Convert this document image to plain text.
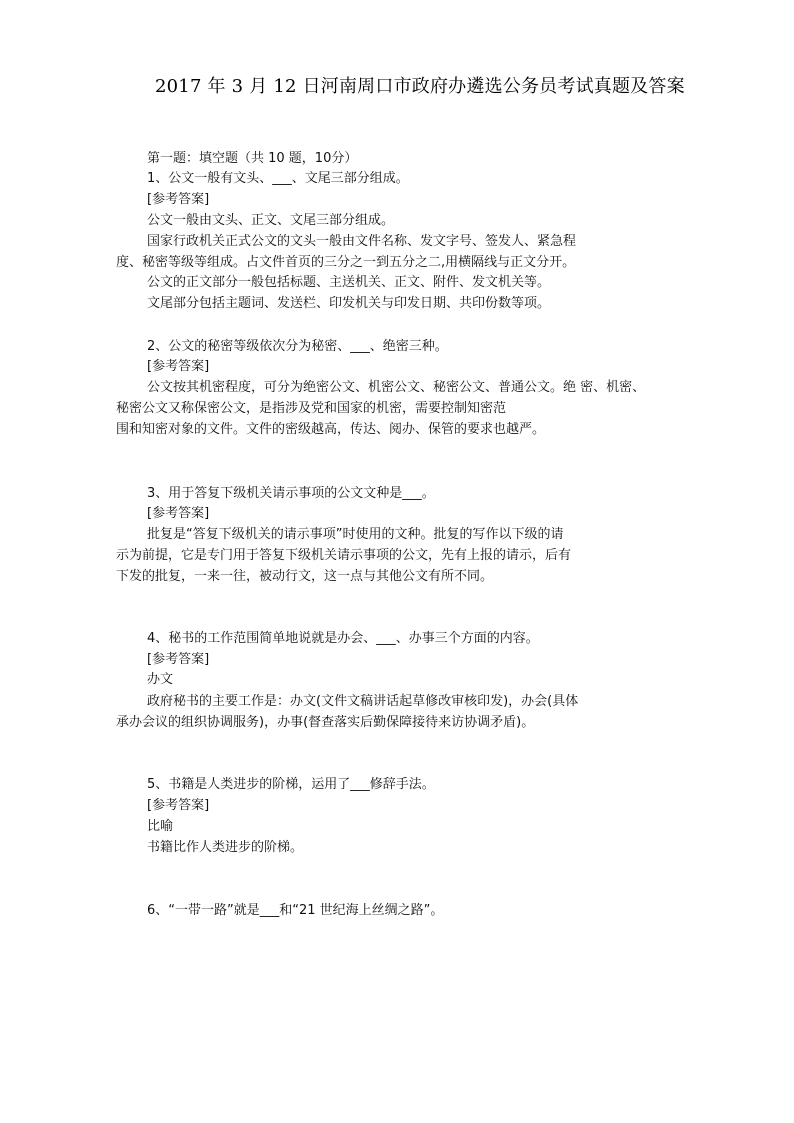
2017 年 3 月 12 日河南周口市政府办遴选公务员考试真题及答案
第一题：填空题（共 10 题，10分）
1、公文一般有文头、___、文尾三部分组成。
[参考答案]
公文一般由文头、正文、文尾三部分组成。
国家行政机关正式公文的文头一般由文件名称、发文字号、签发人、紧急程
度、秘密等级等组成。占文件首页的三分之一到五分之二,用横隔线与正文分开。
公文的正文部分一般包括标题、主送机关、正文、附件、发文机关等。
文尾部分包括主题词、发送栏、印发机关与印发日期、共印份数等项。
2、公文的秘密等级依次分为秘密、___、绝密三种。
[参考答案]
公文按其机密程度，可分为绝密公文、机密公文、秘密公文、普通公文。绝 密、机密、
秘密公文又称保密公文，是指涉及党和国家的机密，需要控制知密范
围和知密对象的文件。文件的密级越高，传达、阅办、保管的要求也越严。
3、用于答复下级机关请示事项的公文文种是___。
[参考答案]
批复是“答复下级机关的请示事项”时使用的文种。批复的写作以下级的请
示为前提，它是专门用于答复下级机关请示事项的公文，先有上报的请示，后有
下发的批复，一来一往，被动行文，这一点与其他公文有所不同。
4、秘书的工作范围简单地说就是办会、___、办事三个方面的内容。
[参考答案]
办文
政府秘书的主要工作是：办文(文件文稿讲话起草修改审核印发)，办会(具体
承办会议的组织协调服务)，办事(督查落实后勤保障接待来访协调矛盾)。
5、书籍是人类进步的阶梯，运用了___修辞手法。
[参考答案]
比喻
书籍比作人类进步的阶梯。
6、“一带一路”就是___和“21 世纪海上丝绸之路”。
